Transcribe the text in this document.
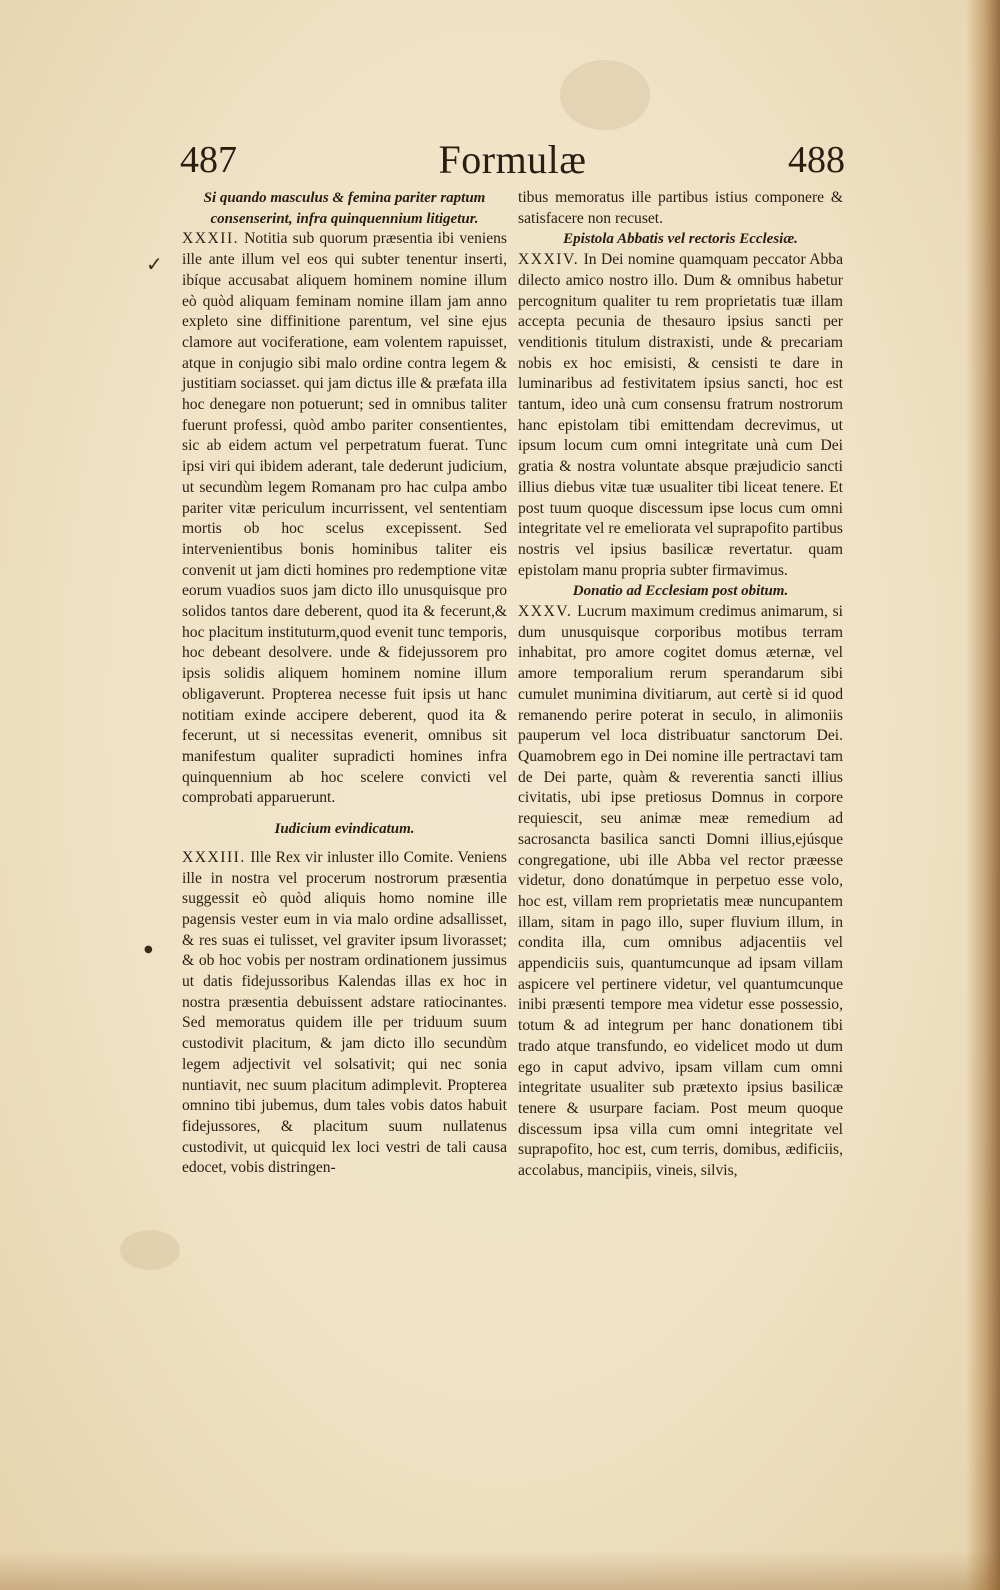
487	Formulæ	488
✓
●

Si quando masculus & femina pariter raptum consenserint, infra quinquennium litigetur.

XXXII. Notitia sub quorum præsentia ibi veniens ille ante illum vel eos qui subter tenentur inserti, ibíque accusabat aliquem hominem nomine illum eò quòd aliquam feminam nomine illam jam anno expleto sine diffinitione parentum, vel sine ejus clamore aut vociferatione, eam volentem rapuisset, atque in conjugio sibi malo ordine contra legem & justitiam sociasset. qui jam dictus ille & præfata illa hoc denegare non potuerunt; sed in omnibus taliter fuerunt professi, quòd ambo pariter consentientes, sic ab eidem actum vel perpetratum fuerat. Tunc ipsi viri qui ibidem aderant, tale dederunt judicium, ut secundùm legem Romanam pro hac culpa ambo pariter vitæ periculum incurrissent, vel sententiam mortis ob hoc scelus excepissent. Sed intervenientibus bonis hominibus taliter eis convenit ut jam dicti homines pro redemptione vitæ eorum vuadios suos jam dicto illo unusquisque pro solidos tantos dare deberent, quod ita & fecerunt,& hoc placitum instituturm,quod evenit tunc temporis, hoc debeant desolvere. unde & fidejussorem pro ipsis solidis aliquem hominem nomine illum obligaverunt. Propterea necesse fuit ipsis ut hanc notitiam exinde accipere deberent, quod ita & fecerunt, ut si necessitas evenerit, omnibus sit manifestum qualiter supradicti homines infra quinquennium ab hoc scelere convicti vel comprobati apparuerunt.

Iudicium evindicatum.

XXXIII. Ille Rex vir inluster illo Comite. Veniens ille in nostra vel procerum nostrorum præsentia suggessit eò quòd aliquis homo nomine ille pagensis vester eum in via malo ordine adsallisset, & res suas ei tulisset, vel graviter ipsum livorasset; & ob hoc vobis per nostram ordinationem jussimus ut datis fidejussoribus Kalendas illas ex hoc in nostra præsentia debuissent adstare ratiocinantes. Sed memoratus quidem ille per triduum suum custodivit placitum, & jam dicto illo secundùm legem adjectivit vel solsativit; qui nec sonia nuntiavit, nec suum placitum adimplevit. Propterea omnino tibi jubemus, dum tales vobis datos habuit fidejussores, & placitum suum nullatenus custodivit, ut quicquid lex loci vestri de tali causa edocet, vobis distringen-

tibus memoratus ille partibus istius componere & satisfacere non recuset.

Epistola Abbatis vel rectoris Ecclesiæ.

XXXIV. In Dei nomine quamquam peccator Abba dilecto amico nostro illo. Dum & omnibus habetur percognitum qualiter tu rem proprietatis tuæ illam accepta pecunia de thesauro ipsius sancti per venditionis titulum distraxisti, unde & precariam nobis ex hoc emisisti, & censisti te dare in luminaribus ad festivitatem ipsius sancti, hoc est tantum, ideo unà cum consensu fratrum nostrorum hanc epistolam tibi emittendam decrevimus, ut ipsum locum cum omni integritate unà cum Dei gratia & nostra voluntate absque præjudicio sancti illius diebus vitæ tuæ usualiter tibi liceat tenere. Et post tuum quoque discessum ipse locus cum omni integritate vel re emeliorata vel suprapofito partibus nostris vel ipsius basilicæ revertatur. quam epistolam manu propria subter firmavimus.

Donatio ad Ecclesiam post obitum.

XXXV. Lucrum maximum credimus animarum, si dum unusquisque corporibus motibus terram inhabitat, pro amore cogitet domus æternæ, vel amore temporalium rerum sperandarum sibi cumulet munimina divitiarum, aut certè si id quod remanendo perire poterat in seculo, in alimoniis pauperum vel loca distribuatur sanctorum Dei. Quamobrem ego in Dei nomine ille pertractavi tam de Dei parte, quàm & reverentia sancti illius civitatis, ubi ipse pretiosus Domnus in corpore requiescit, seu animæ meæ remedium ad sacrosancta basilica sancti Domni illius,ejúsque congregatione, ubi ille Abba vel rector præesse videtur, dono donatúmque in perpetuo esse volo, hoc est, villam rem proprietatis meæ nuncupantem illam, sitam in pago illo, super fluvium illum, in condita illa, cum omnibus adjacentiis vel appendiciis suis, quantumcunque ad ipsam villam aspicere vel pertinere videtur, vel quantumcunque inibi præsenti tempore mea videtur esse possessio, totum & ad integrum per hanc donationem tibi trado atque transfundo, eo videlicet modo ut dum ego in caput advivo, ipsam villam cum omni integritate usualiter sub prætexto ipsius basilicæ tenere & usurpare faciam. Post meum quoque discessum ipsa villa cum omni integritate vel suprapofito, hoc est, cum terris, domibus, ædificiis, accolabus, mancipiis, vineis, silvis,
